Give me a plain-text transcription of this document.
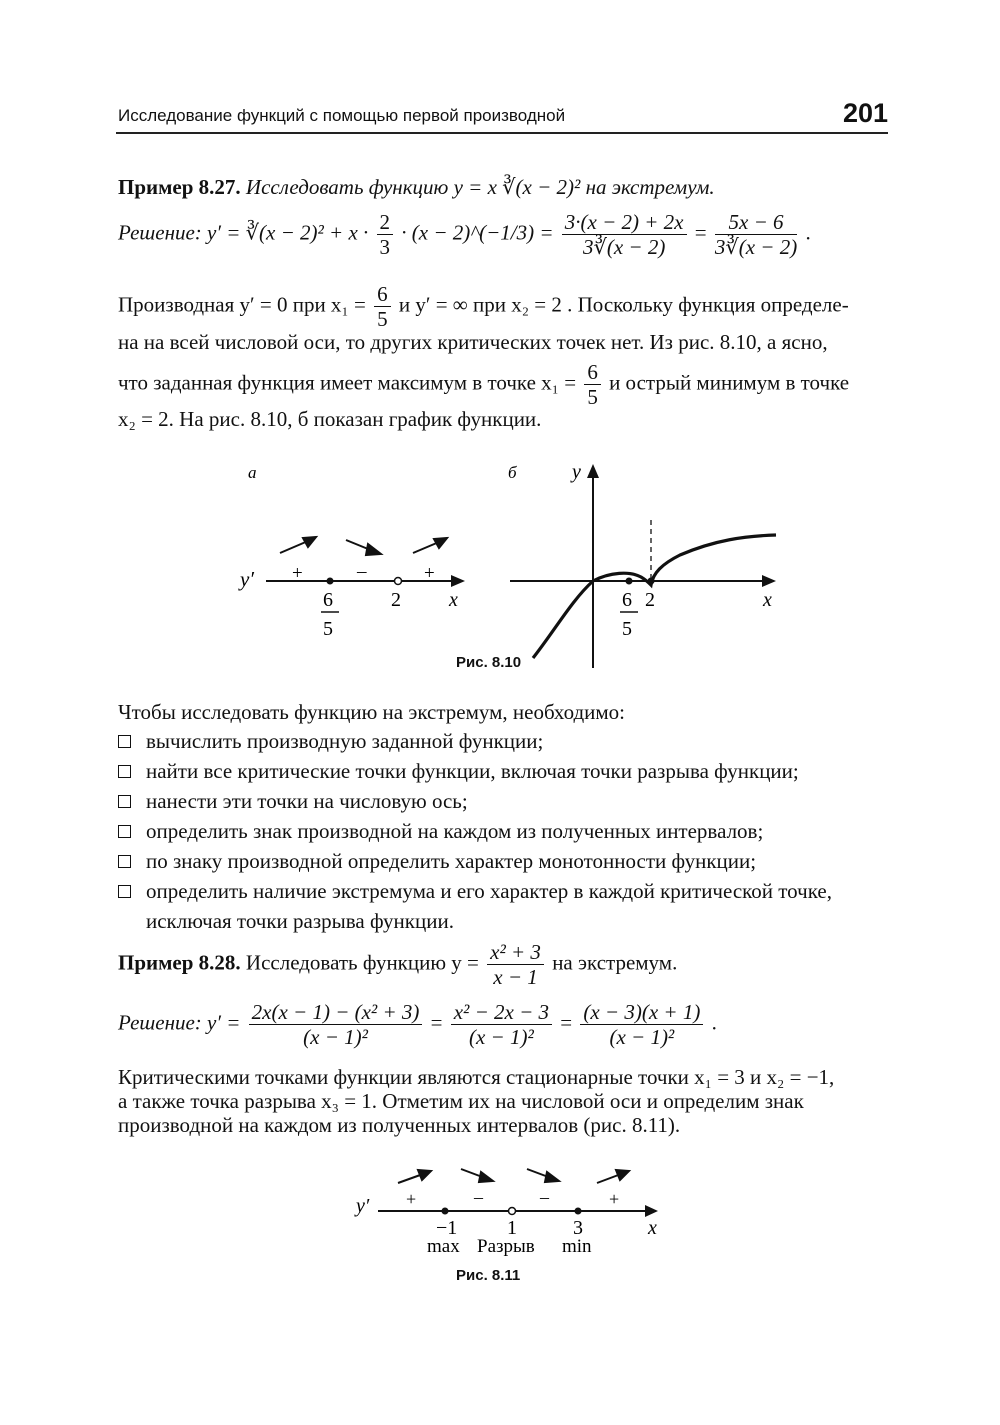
Исследование функций с помощью первой производной	201
Пример 8.27. Исследовать функцию y = x ∛(x − 2)² на экстремум.
Решение: y′ = ∛(x − $2)^2 + x \cdot \frac{2}{3} \cdot (x$ − 2)^(−1/3) = $\frac{3\cdot(x - 2) + 2x}{3∛(x - 2)} = \frac{5x - 6}{3∛(x - 2)}$ .
Производная y′ = 0 при $x_1 = \frac{6}{5}$ и y′ = ∞ при x₂ = 2 . Поскольку функция определе-
на на всей числовой оси, то других критических точек нет. Из рис. 8.10, а ясно,
что заданная функция имеет максимум в точке $x_1 = \frac{6}{5}$ и острый минимум в точке
x₂ = 2. На рис. 8.10, б показан график функции.
а
y′ +	–	+
x
6
5
2
б	y
x
6
5
2
Рис. 8.10
Чтобы исследовать функцию на экстремум, необходимо:
вычислить производную заданной функции;
найти все критические точки функции, включая точки разрыва функции;
нанести эти точки на числовую ось;
определить знак производной на каждом из полученных интервалов;
по знаку производной определить характер монотонности функции;
определить наличие экстремума и его характер в каждой критической точке, исключая точки разрыва функции.
Пример 8.28. Исследовать функцию $y = \frac{\text{x² + 3}}{x - 1}$ на экстремум.
Решение: $y' = \frac{\text{2x(x − 1) − (x² + 3)}}{\text{(x − 1)²}} = \frac{\text{x² − 2x − 3}}{\text{(x − 1)²}} = \frac{(x - 3)(x + 1)}{\text{(x − 1)²}}$ .
Критическими точками функции являются стационарные точки x₁ = 3 и x₂ = −1,
а также точка разрыва x₃ = 1. Отметим их на числовой оси и определим знак
производной на каждом из полученных интервалов (рис. 8.11).
y′ +	–	–	+
x
−1 1	3
max Разрыв min
Рис. 8.11
